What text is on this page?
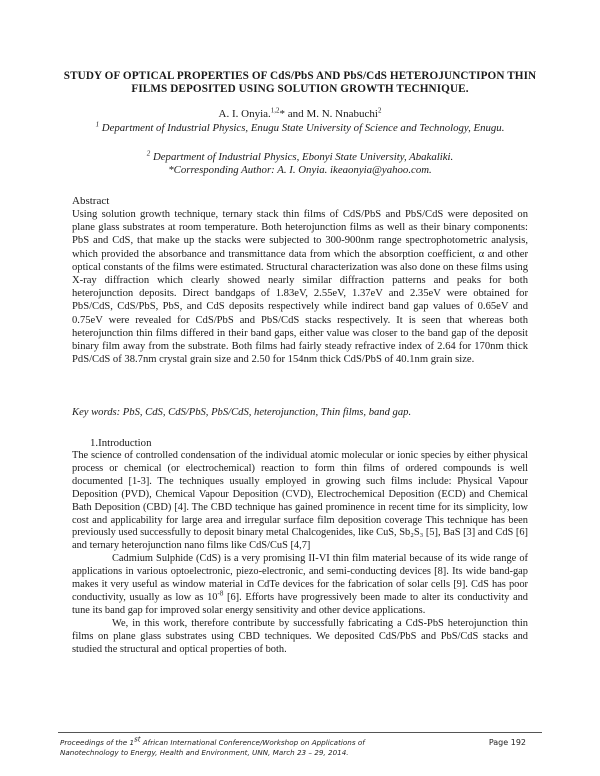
STUDY OF OPTICAL PROPERTIES OF CdS/PbS AND PbS/CdS HETEROJUNCTIPON THIN FILMS DEPOSITED USING SOLUTION GROWTH TECHNIQUE.
A. I. Onyia.$^{1,2}$* and M. N. Nnabuchi$^2$
$^1$ Department of Industrial Physics, Enugu State University of Science and Technology, Enugu.
$^2$ Department of Industrial Physics, Ebonyi State University, Abakaliki.
*Corresponding Author: A. I. Onyia. ikeaonyia@yahoo.com.
Abstract

Using solution growth technique, ternary stack thin films of CdS/PbS and PbS/CdS were deposited on plane glass substrates at room temperature. Both heterojunction films as well as their binary components: PbS and CdS, that make up the stacks were subjected to 300-900nm range spectrophotometric analysis, which provided the absorbance and transmittance data from which the absorption coefficient, α and other optical constants of the films were estimated. Structural characterization was also done on these films using X-ray diffraction which clearly showed nearly similar diffraction patterns and peaks for both heterojunction deposits. Direct bandgaps of 1.83eV, 2.55eV, 1.37eV and 2.35eV were obtained for PbS/CdS, CdS/PbS, PbS, and CdS deposits respectively while indirect band gap values of 0.65eV and 0.75eV were revealed for CdS/PbS and PbS/CdS stacks respectively. It is seen that whereas both heterojunction thin films differed in their band gaps, either value was closer to the band gap of the deposit binary film away from the substrate. Both films had fairly steady refractive index of 2.64 for 170nm thick PdS/CdS of 38.7nm crystal grain size and 2.50 for 154nm thick CdS/PbS of 40.1nm grain size.

Key words: PbS, CdS, CdS/PbS, PbS/CdS, heterojunction, Thin films, band gap.

1.Introduction

The science of controlled condensation of the individual atomic molecular or ionic species by either physical process or chemical (or electrochemical) reaction to form thin films of ordered compounds is well documented [1-3]. The techniques usually employed in growing such films include: Physical Vapour Deposition (PVD), Chemical Vapour Deposition (CVD), Electrochemical Deposition (ECD) and Chemical Bath Deposition (CBD) [4]. The CBD technique has gained prominence in recent time for its simplicity, low cost and applicability for large area and irregular surface film deposition coverage This technique has been previously used successfully to deposit binary metal Chalcogenides, like CuS, Sb₂S₃ [5], BaS [3] and CdS [6] and ternary heterojunction nano films like CdS/CuS [4,7]

Cadmium Sulphide (CdS) is a very promising II-VI thin film material because of its wide range of applications in various optoelectronic, piezo-electronic, and semi-conducting devices [8]. Its wide band-gap makes it very useful as window material in CdTe devices for the fabrication of solar cells [9]. CdS has poor conductivity, usually as low as $10^{-8}$ [6]. Efforts have progressively been made to alter its conductivity and tune its band gap for improved solar energy sensitivity and other device applications.

We, in this work, therefore contribute by successfully fabricating a CdS-PbS heterojunction thin films on plane glass substrates using CBD techniques. We deposited CdS/PbS and PbS/CdS stacks and studied the structural and optical properties of both.

Proceedings of the 1st African International Conference/Workshop on Applications of
Nanotechnology to Energy, Health and Environment, UNN, March 23 – 29, 2014.
Page 192
